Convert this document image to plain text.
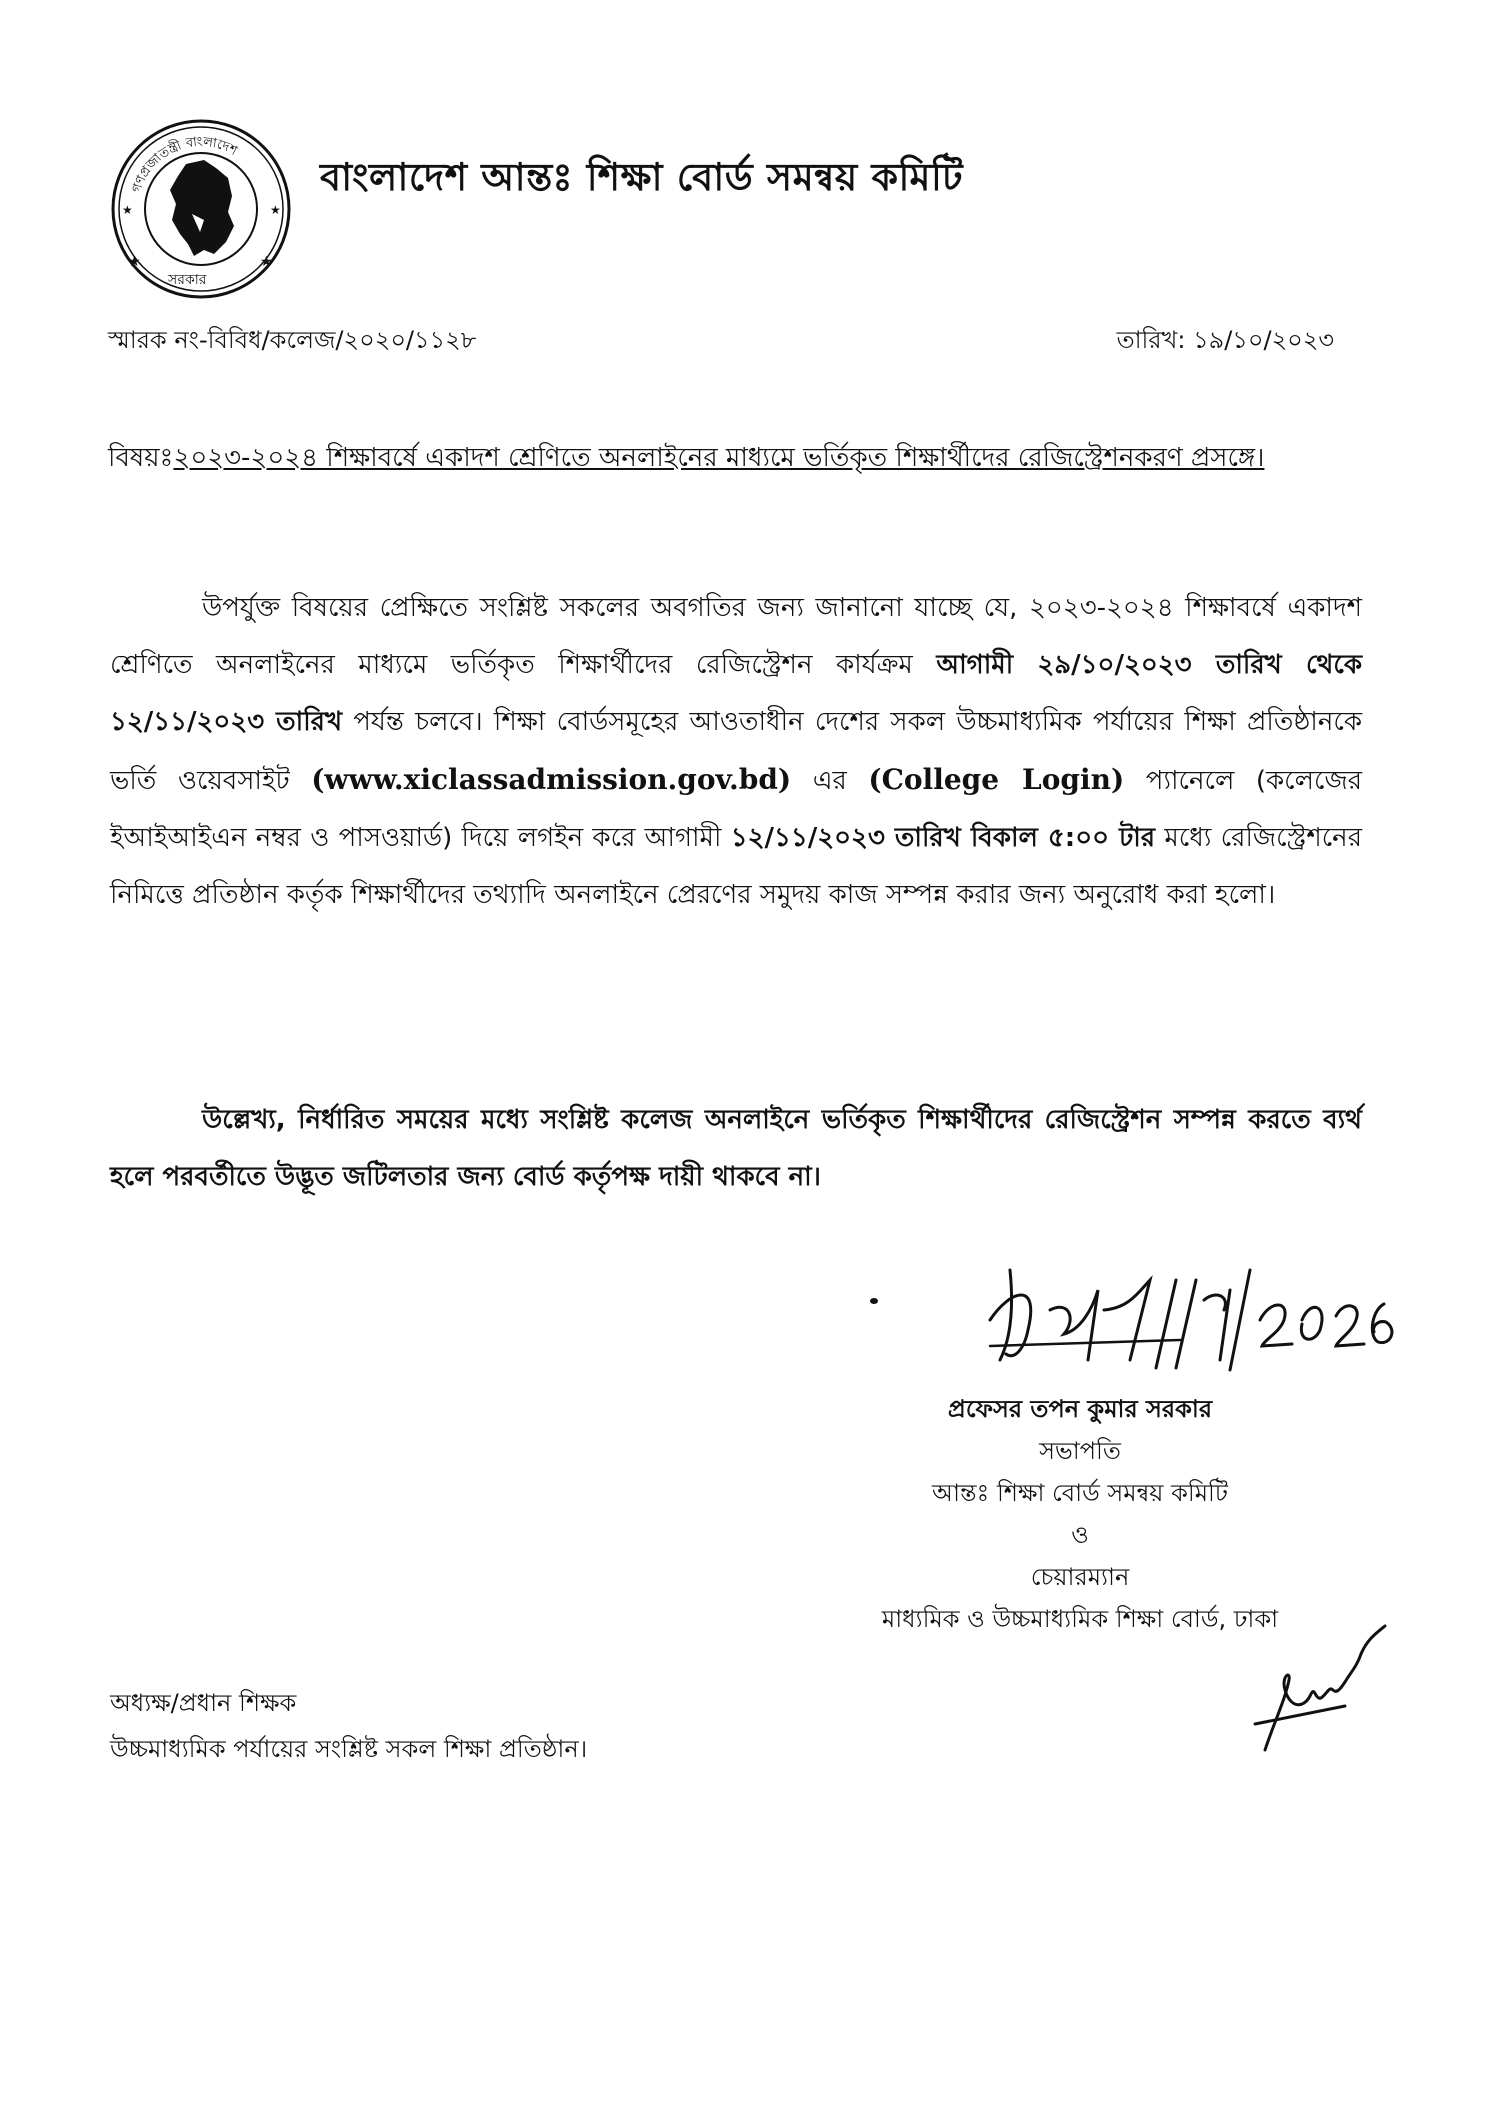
★	★
★	★
গণপ্রজাতন্ত্রী বাংলাদেশ
সরকার
বাংলাদেশ আন্তঃ শিক্ষা বোর্ড সমন্বয় কমিটি
স্মারক নং-বিবিধ/কলেজ/২০২০/১১২৮	তারিখ: ১৯/১০/২০২৩
বিষয়ঃ২০২৩-২০২৪ শিক্ষাবর্ষে একাদশ শ্রেণিতে অনলাইনের মাধ্যমে ভর্তিকৃত শিক্ষার্থীদের রেজিস্ট্রেশনকরণ প্রসঙ্গে।
উপর্যুক্ত বিষয়ের প্রেক্ষিতে সংশ্লিষ্ট সকলের অবগতির জন্য জানানো যাচ্ছে যে, ২০২৩-২০২৪ শিক্ষাবর্ষে একাদশ শ্রেণিতে অনলাইনের মাধ্যমে ভর্তিকৃত শিক্ষার্থীদের রেজিস্ট্রেশন কার্যক্রম আগামী ২৯/১০/২০২৩ তারিখ থেকে ১২/১১/২০২৩ তারিখ পর্যন্ত চলবে। শিক্ষা বোর্ডসমূহের আওতাধীন দেশের সকল উচ্চমাধ্যমিক পর্যায়ের শিক্ষা প্রতিষ্ঠানকে ভর্তি ওয়েবসাইট (www.xiclassadmission.gov.bd) এর (College Login) প্যানেলে (কলেজের ইআইআইএন নম্বর ও পাসওয়ার্ড) দিয়ে লগইন করে আগামী ১২/১১/২০২৩ তারিখ বিকাল ৫:০০ টার মধ্যে রেজিস্ট্রেশনের নিমিত্তে প্রতিষ্ঠান কর্তৃক শিক্ষার্থীদের তথ্যাদি অনলাইনে প্রেরণের সমুদয় কাজ সম্পন্ন করার জন্য অনুরোধ করা হলো।
উল্লেখ্য, নির্ধারিত সময়ের মধ্যে সংশ্লিষ্ট কলেজ অনলাইনে ভর্তিকৃত শিক্ষার্থীদের রেজিস্ট্রেশন সম্পন্ন করতে ব্যর্থ হলে পরবর্তীতে উদ্ভূত জটিলতার জন্য বোর্ড কর্তৃপক্ষ দায়ী থাকবে না।
প্রফেসর তপন কুমার সরকার
সভাপতি
আন্তঃ শিক্ষা বোর্ড সমন্বয় কমিটি
ও
চেয়ারম্যান
মাধ্যমিক ও উচ্চমাধ্যমিক শিক্ষা বোর্ড, ঢাকা
অধ্যক্ষ/প্রধান শিক্ষক
উচ্চমাধ্যমিক পর্যায়ের সংশ্লিষ্ট সকল শিক্ষা প্রতিষ্ঠান।
